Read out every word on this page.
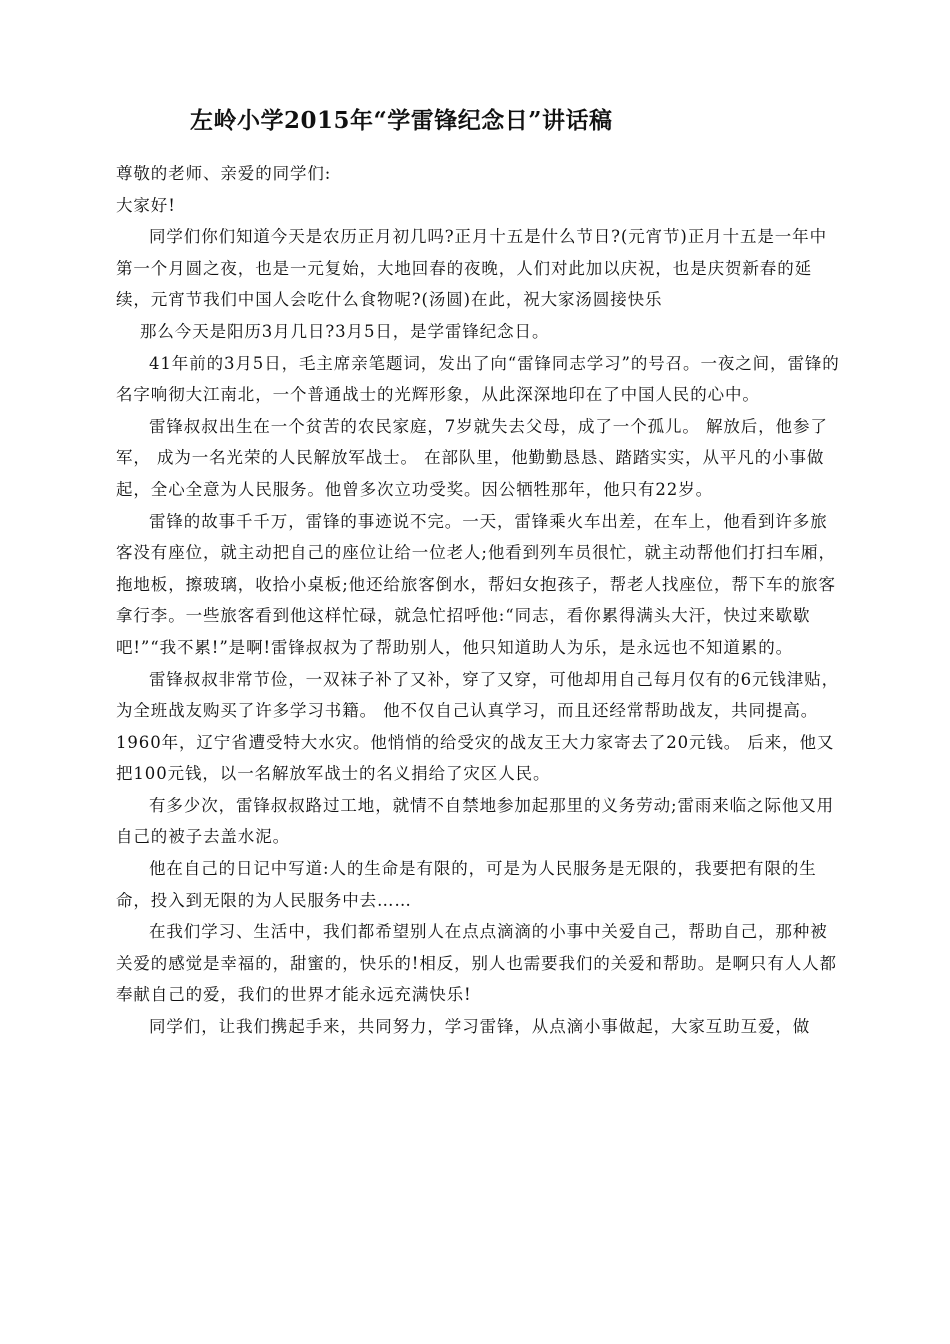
左岭小学2015年“学雷锋纪念日”讲话稿

尊敬的老师、亲爱的同学们:

大家好!

同学们你们知道今天是农历正月初几吗?正月十五是什么节日?(元宵节)正月十五是一年中第一个月圆之夜，也是一元复始，大地回春的夜晚，人们对此加以庆祝，也是庆贺新春的延续，元宵节我们中国人会吃什么食物呢?(汤圆)在此，祝大家汤圆接快乐

那么今天是阳历3月几日?3月5日，是学雷锋纪念日。

41年前的3月5日，毛主席亲笔题词，发出了向“雷锋同志学习”的号召。一夜之间，雷锋的名字响彻大江南北，一个普通战士的光辉形象，从此深深地印在了中国人民的心中。

雷锋叔叔出生在一个贫苦的农民家庭，7岁就失去父母，成了一个孤儿。 解放后，他参了军， 成为一名光荣的人民解放军战士。 在部队里，他勤勤恳恳、踏踏实实，从平凡的小事做起，全心全意为人民服务。他曾多次立功受奖。因公牺牲那年，他只有22岁。

雷锋的故事千千万，雷锋的事迹说不完。一天，雷锋乘火车出差，在车上，他看到许多旅客没有座位，就主动把自己的座位让给一位老人;他看到列车员很忙，就主动帮他们打扫车厢，拖地板，擦玻璃，收拾小桌板;他还给旅客倒水，帮妇女抱孩子，帮老人找座位，帮下车的旅客拿行李。一些旅客看到他这样忙碌，就急忙招呼他:“同志，看你累得满头大汗，快过来歇歇吧!”“我不累!”是啊!雷锋叔叔为了帮助别人，他只知道助人为乐，是永远也不知道累的。

雷锋叔叔非常节俭，一双袜子补了又补，穿了又穿，可他却用自己每月仅有的6元钱津贴，为全班战友购买了许多学习书籍。 他不仅自己认真学习，而且还经常帮助战友，共同提高。1960年，辽宁省遭受特大水灾。他悄悄的给受灾的战友王大力家寄去了20元钱。 后来，他又把100元钱，以一名解放军战士的名义捐给了灾区人民。

有多少次，雷锋叔叔路过工地，就情不自禁地参加起那里的义务劳动;雷雨来临之际他又用自己的被子去盖水泥。

他在自己的日记中写道:人的生命是有限的，可是为人民服务是无限的，我要把有限的生命，投入到无限的为人民服务中去……

在我们学习、生活中，我们都希望别人在点点滴滴的小事中关爱自己，帮助自己，那种被关爱的感觉是幸福的，甜蜜的，快乐的!相反，别人也需要我们的关爱和帮助。是啊只有人人都奉献自己的爱，我们的世界才能永远充满快乐!

同学们，让我们携起手来，共同努力，学习雷锋，从点滴小事做起，大家互助互爱，做
